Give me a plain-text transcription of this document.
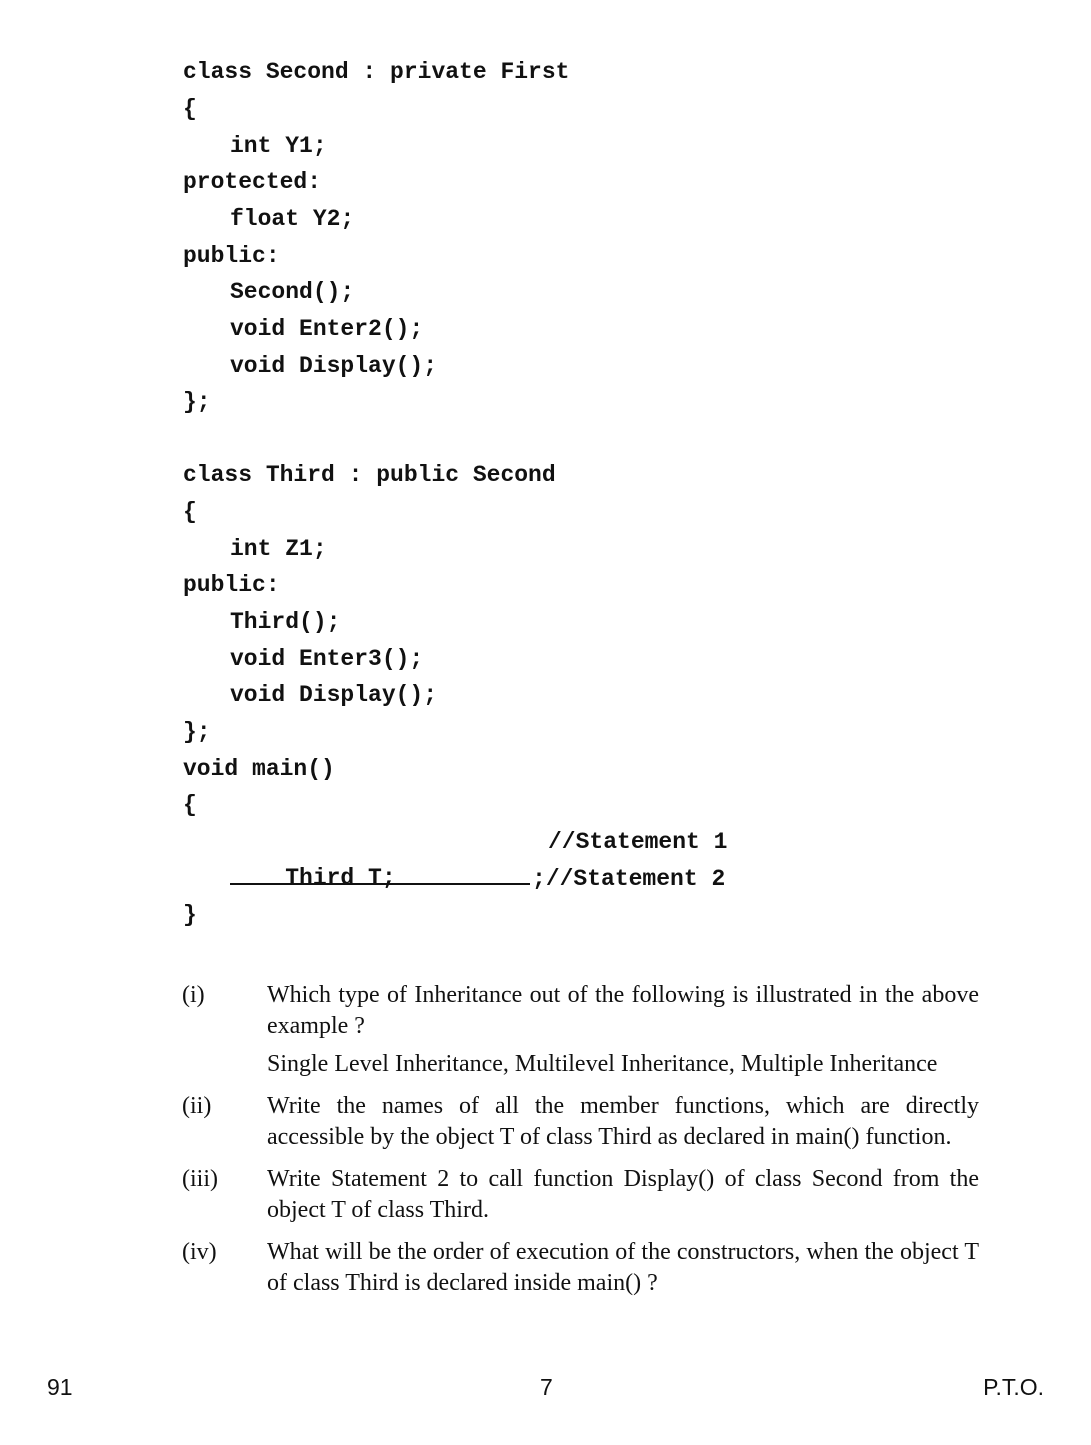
class Second : private First
{
int Y1;
protected:
float Y2;
public:
Second();
void Enter2();
void Display();
};
class Third : public Second
{
int Z1;
public:
Third();
void Enter3();
void Display();
};
void main()
{

Third T;

//Statement 1
;//Statement 2
}
(i)	Which type of Inheritance out of the following is illustrated in the above example ?

Single Level Inheritance, Multilevel Inheritance, Multiple Inheritance

(ii)	Write the names of all the member functions, which are directly accessible by the object T of class Third as declared in main() function.

(iii)	Write Statement 2 to call function Display() of class Second from the object T of class Third.

(iv)	What will be the order of execution of the constructors, when the object T of class Third is declared inside main() ?

91	7	P.T.O.
